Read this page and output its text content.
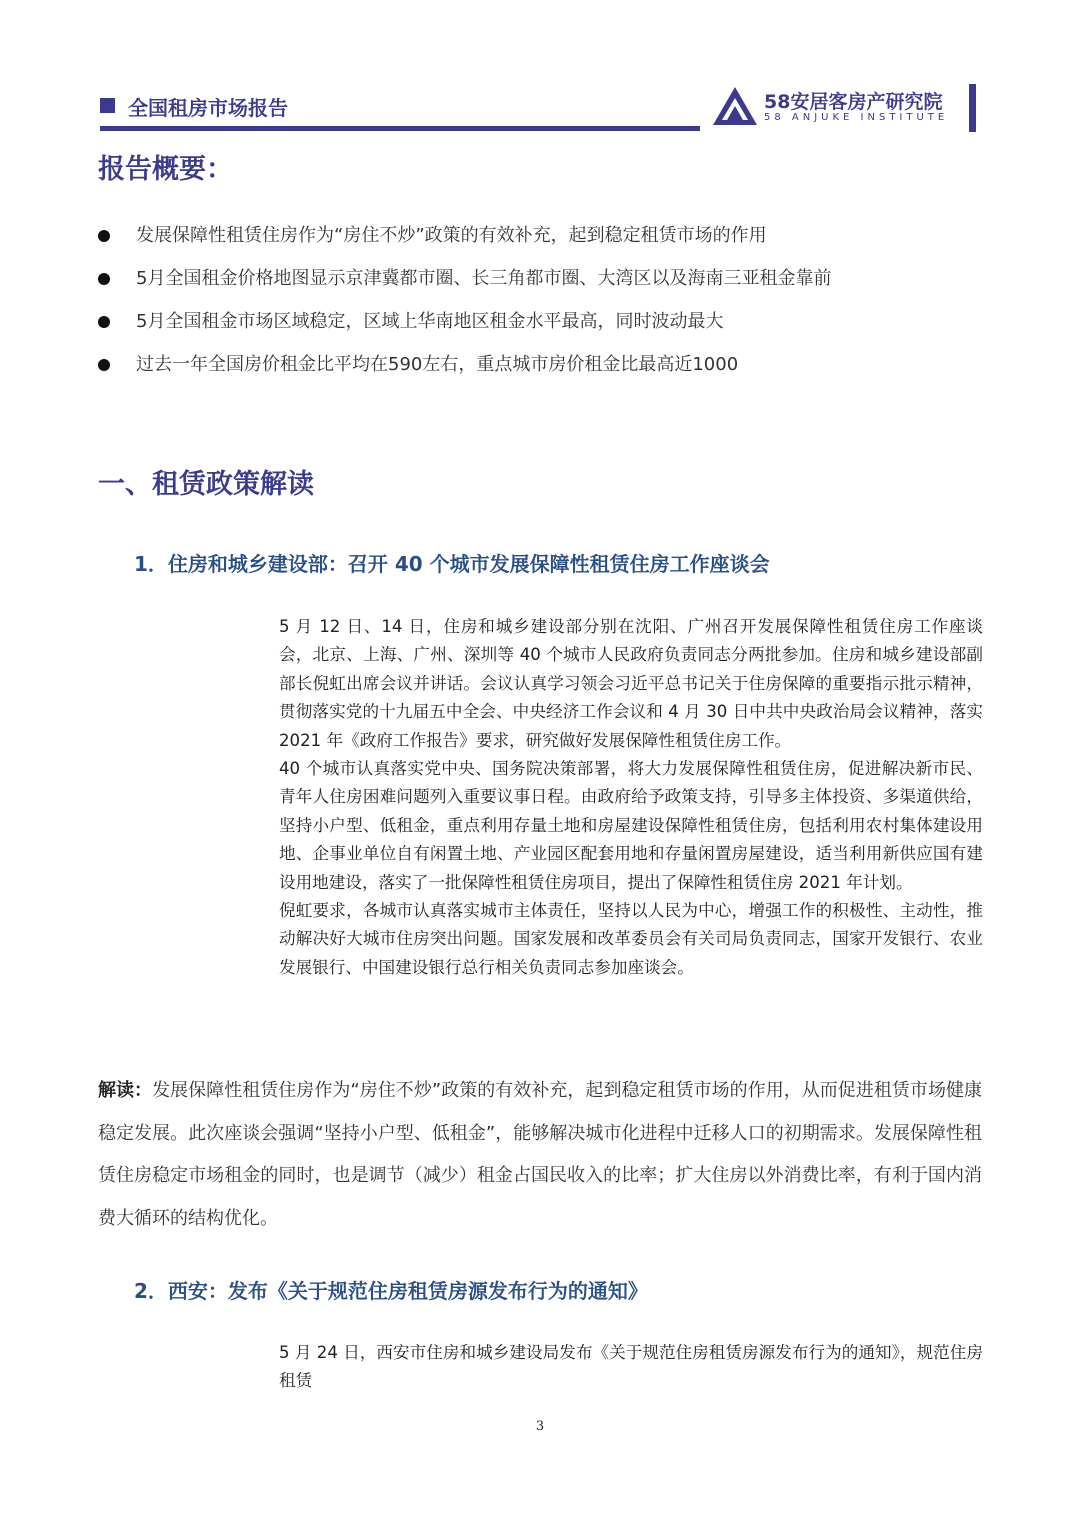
全国租房市场报告	58安居客房产研究院
58 ANJUKE INSTITUTE
报告概要：
发展保障性租赁住房作为“房住不炒”政策的有效补充，起到稳定租赁市场的作用
5月全国租金价格地图显示京津冀都市圈、长三角都市圈、大湾区以及海南三亚租金靠前
5月全国租金市场区域稳定，区域上华南地区租金水平最高，同时波动最大
过去一年全国房价租金比平均在590左右，重点城市房价租金比最高近1000
一、租赁政策解读
1．住房和城乡建设部：召开 40 个城市发展保障性租赁住房工作座谈会

5 月 12 日、14 日，住房和城乡建设部分别在沈阳、广州召开发展保障性租赁住房工作座谈会，北京、上海、广州、深圳等 40 个城市人民政府负责同志分两批参加。住房和城乡建设部副部长倪虹出席会议并讲话。会议认真学习领会习近平总书记关于住房保障的重要指示批示精神，贯彻落实党的十九届五中全会、中央经济工作会议和 4 月 30 日中共中央政治局会议精神，落实 2021 年《政府工作报告》要求，研究做好发展保障性租赁住房工作。

40 个城市认真落实党中央、国务院决策部署，将大力发展保障性租赁住房，促进解决新市民、青年人住房困难问题列入重要议事日程。由政府给予政策支持，引导多主体投资、多渠道供给，坚持小户型、低租金，重点利用存量土地和房屋建设保障性租赁住房，包括利用农村集体建设用地、企事业单位自有闲置土地、产业园区配套用地和存量闲置房屋建设，适当利用新供应国有建设用地建设，落实了一批保障性租赁住房项目，提出了保障性租赁住房 2021 年计划。

倪虹要求，各城市认真落实城市主体责任，坚持以人民为中心，增强工作的积极性、主动性，推动解决好大城市住房突出问题。国家发展和改革委员会有关司局负责同志，国家开发银行、农业发展银行、中国建设银行总行相关负责同志参加座谈会。

解读：发展保障性租赁住房作为“房住不炒”政策的有效补充，起到稳定租赁市场的作用，从而促进租赁市场健康稳定发展。此次座谈会强调“坚持小户型、低租金”，能够解决城市化进程中迁移人口的初期需求。发展保障性租赁住房稳定市场租金的同时，也是调节（减少）租金占国民收入的比率；扩大住房以外消费比率，有利于国内消费大循环的结构优化。
2．西安：发布《关于规范住房租赁房源发布行为的通知》

5 月 24 日，西安市住房和城乡建设局发布《关于规范住房租赁房源发布行为的通知》，规范住房租赁

3
